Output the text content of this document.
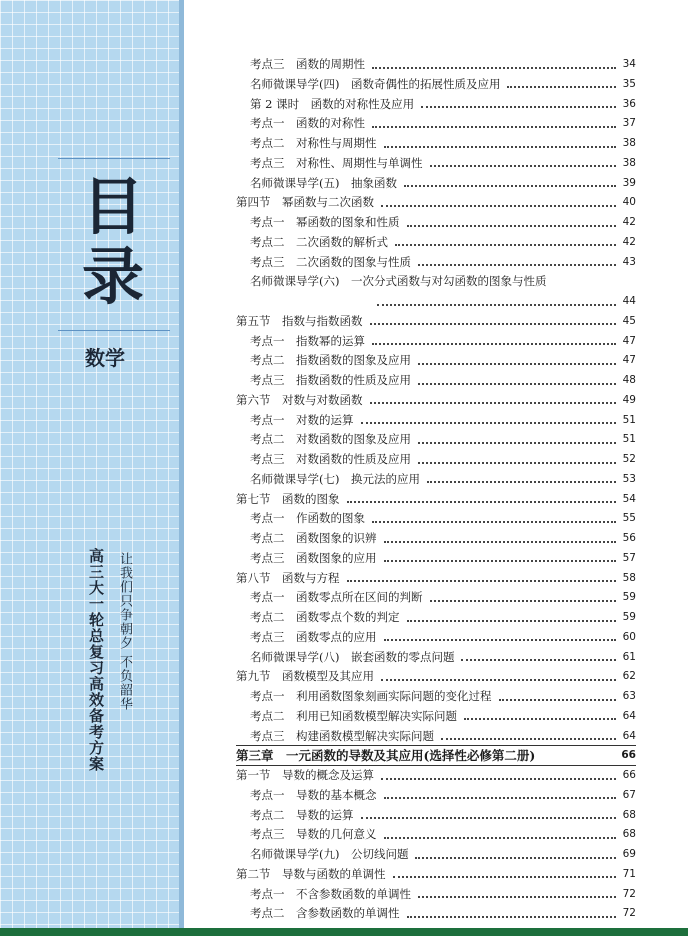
目
录
数学
高三大一轮总复习高效备考方案 让我们只争朝夕 不负韶华
考点三　函数的周期性	34
名师微课导学(四)　函数奇偶性的拓展性质及应用	35
第 2 课时　函数的对称性及应用	36
考点一　函数的对称性	37
考点二　对称性与周期性	38
考点三　对称性、周期性与单调性	38
名师微课导学(五)　抽象函数	39
第四节　幂函数与二次函数	40
考点一　幂函数的图象和性质	42
考点二　二次函数的解析式	42
考点三　二次函数的图象与性质	43
名师微课导学(六)　一次分式函数与对勾函数的图象与性质
44
第五节　指数与指数函数	45
考点一　指数幂的运算	47
考点二　指数函数的图象及应用	47
考点三　指数函数的性质及应用	48
第六节　对数与对数函数	49
考点一　对数的运算	51
考点二　对数函数的图象及应用	51
考点三　对数函数的性质及应用	52
名师微课导学(七)　换元法的应用	53
第七节　函数的图象	54
考点一　作函数的图象	55
考点二　函数图象的识辨	56
考点三　函数图象的应用	57
第八节　函数与方程	58
考点一　函数零点所在区间的判断	59
考点二　函数零点个数的判定	59
考点三　函数零点的应用	60
名师微课导学(八)　嵌套函数的零点问题	61
第九节　函数模型及其应用	62
考点一　利用函数图象刻画实际问题的变化过程	63
考点二　利用已知函数模型解决实际问题	64
考点三　构建函数模型解决实际问题	64
第三章　一元函数的导数及其应用(选择性必修第二册)	66
第一节　导数的概念及运算	66
考点一　导数的基本概念	67
考点二　导数的运算	68
考点三　导数的几何意义	68
名师微课导学(九)　公切线问题	69
第二节　导数与函数的单调性	71
考点一　不含参数函数的单调性	72
考点二　含参数函数的单调性	72
